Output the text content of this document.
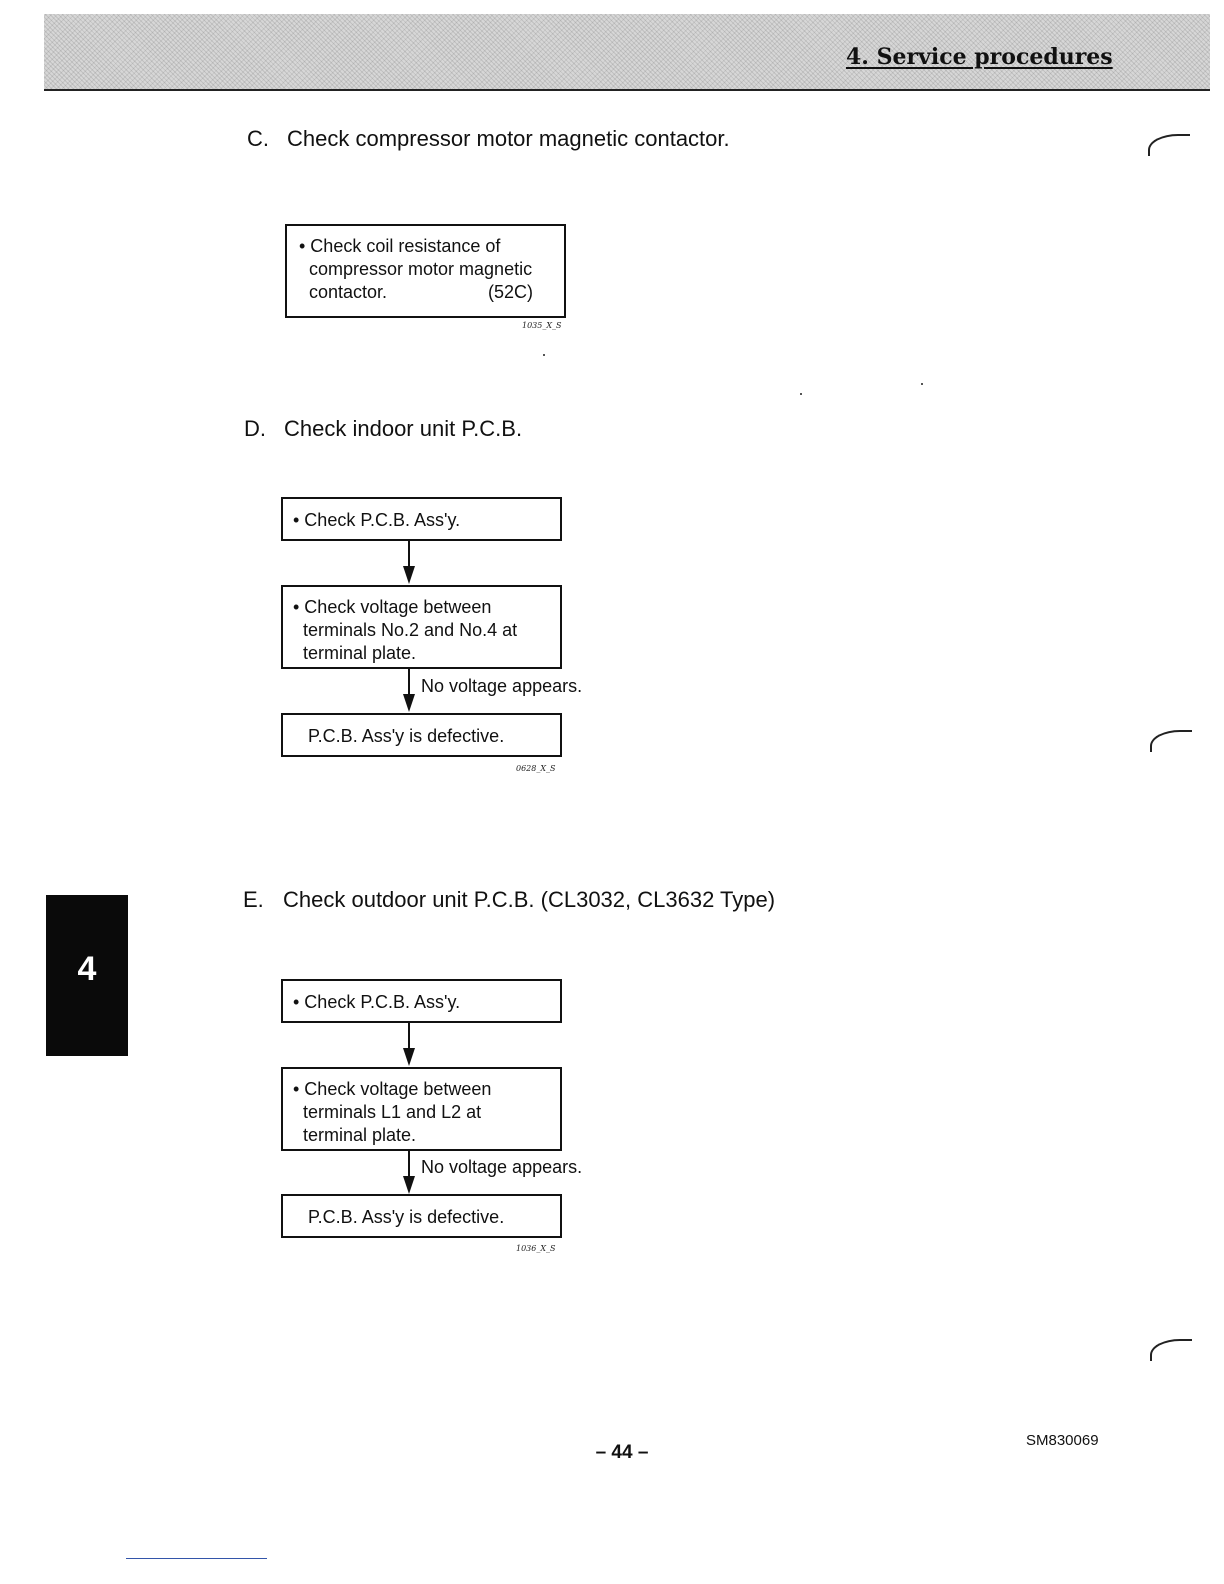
4. Service procedures
C. Check compressor motor magnetic contactor.
• Check coil resistance of
compressor motor magnetic
contactor.	(52C)
1035_X_S
D. Check indoor unit P.C.B.
• Check P.C.B. Ass'y.
• Check voltage between
terminals No.2 and No.4 at
terminal plate.
No voltage appears.
P.C.B. Ass'y is defective.
0628_X_S
E. Check outdoor unit P.C.B. (CL3032, CL3632 Type)
• Check P.C.B. Ass'y.
• Check voltage between
terminals L1 and L2 at
terminal plate.
No voltage appears.
P.C.B. Ass'y is defective.
1036_X_S
4
– 44 –
SM830069
